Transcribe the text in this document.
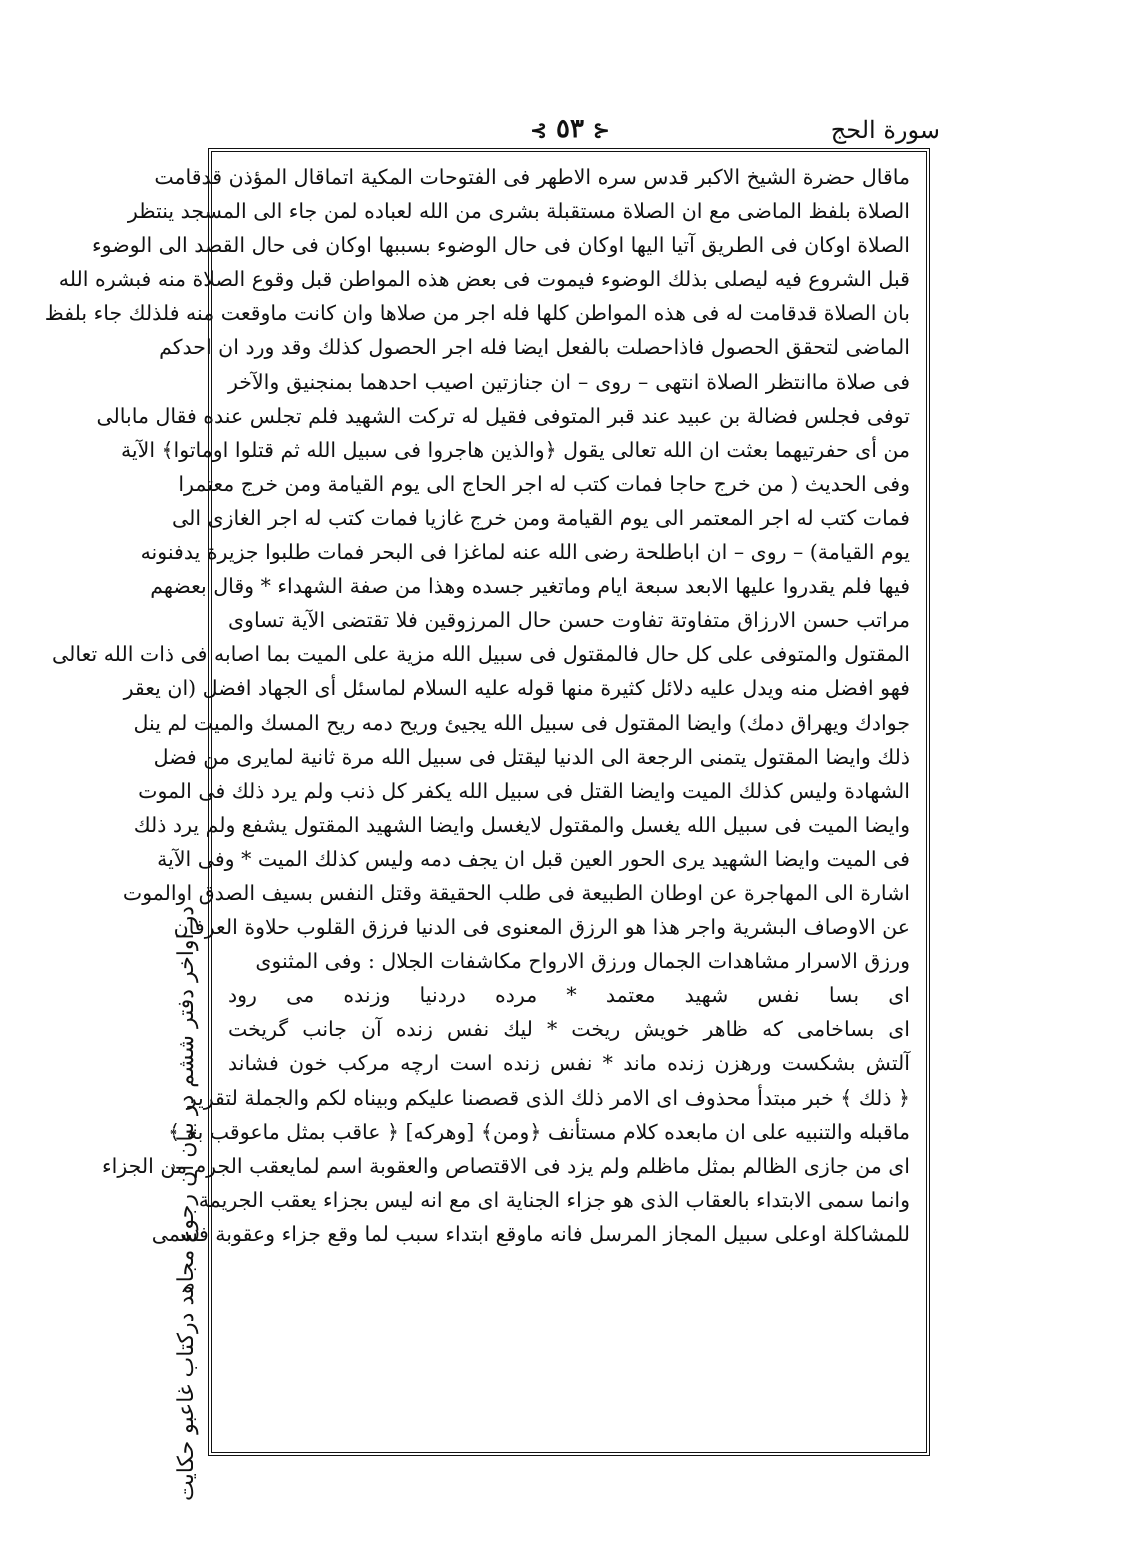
⊰ ٥٣ ⊱	سورة الحج
ماقال حضرة الشيخ الاكبر قدس سره الاطهر فى الفتوحات المكية اتماقال المؤذن قدقامت
الصلاة بلفظ الماضى مع ان الصلاة مستقبلة بشرى من الله لعباده لمن جاء الى المسجد ينتظر
الصلاة اوكان فى الطريق آتيا اليها اوكان فى حال الوضوء بسببها اوكان فى حال القصد الى الوضوء
قبل الشروع فيه ليصلى بذلك الوضوء فيموت فى بعض هذه المواطن قبل وقوع الصلاة منه فبشره الله
بان الصلاة قدقامت له فى هذه المواطن كلها فله اجر من صلاها وان كانت ماوقعت منه فلذلك جاء بلفظ
الماضى لتحقق الحصول فاذاحصلت بالفعل ايضا فله اجر الحصول كذلك وقد ورد ان احدكم
فى صلاة ماانتظر الصلاة انتهى – روى – ان جنازتين اصيب احدهما بمنجنيق والآخر
توفى فجلس فضالة بن عبيد عند قبر المتوفى فقيل له تركت الشهيد فلم تجلس عنده فقال مابالى
من أى حفرتيهما بعثت ان الله تعالى يقول ﴿والذين هاجروا فى سبيل الله ثم قتلوا اوماتوا﴾ الآية
وفى الحديث ( من خرج حاجا فمات كتب له اجر الحاج الى يوم القيامة ومن خرج معتمرا
فمات كتب له اجر المعتمر الى يوم القيامة ومن خرج غازيا فمات كتب له اجر الغازى الى
يوم القيامة) – روى – ان اباطلحة رضى الله عنه لماغزا فى البحر فمات طلبوا جزيرة يدفنونه
فيها فلم يقدروا عليها الابعد سبعة ايام وماتغير جسده وهذا من صفة الشهداء * وقال بعضهم
مراتب حسن الارزاق متفاوتة تفاوت حسن حال المرزوقين فلا تقتضى الآية تساوى
المقتول والمتوفى على كل حال فالمقتول فى سبيل الله مزية على الميت بما اصابه فى ذات الله تعالى
فهو افضل منه ويدل عليه دلائل كثيرة منها قوله عليه السلام لماسئل أى الجهاد افضل (ان يعقر
جوادك ويهراق دمك) وايضا المقتول فى سبيل الله يجيئ وريح دمه ريح المسك والميت لم ينل
ذلك وايضا المقتول يتمنى الرجعة الى الدنيا ليقتل فى سبيل الله مرة ثانية لمايرى من فضل
الشهادة وليس كذلك الميت وايضا القتل فى سبيل الله يكفر كل ذنب ولم يرد ذلك فى الموت
وايضا الميت فى سبيل الله يغسل والمقتول لايغسل وايضا الشهيد المقتول يشفع ولم يرد ذلك
فى الميت وايضا الشهيد يرى الحور العين قبل ان يجف دمه وليس كذلك الميت * وفى الآية
اشارة الى المهاجرة عن اوطان الطبيعة فى طلب الحقيقة وقتل النفس بسيف الصدق اوالموت
عن الاوصاف البشرية واجر هذا هو الرزق المعنوى فى الدنيا فرزق القلوب حلاوة العرفان
ورزق الاسرار مشاهدات الجمال ورزق الارواح مكاشفات الجلال : وفى المثنوى
اى بسا نفس شهيد معتمد * مرده دردنيا وزنده مى رود
اى بساخامى كه ظاهر خويش ريخت * ليك نفس زنده آن جانب گريخت
آلتش بشكست ورهزن زنده ماند * نفس زنده است ارچه مركب خون فشاند
﴿ ذلك ﴾ خبر مبتدأ محذوف اى الامر ذلك الذى قصصنا عليكم وبيناه لكم والجملة لتقرير
ماقبله والتنبيه على ان مابعده كلام مستأنف ﴿ومن﴾ [وهركه] ﴿ عاقب بمثل ماعوقب به ﴾
اى من جازى الظالم بمثل ماظلم ولم يزد فى الاقتصاص والعقوبة اسم لمايعقب الجرم من الجزاء
وانما سمى الابتداء بالعقاب الذى هو جزاء الجناية اى مع انه ليس بجزاء يعقب الجريمة
للمشاكلة اوعلى سبيل المجاز المرسل فانه ماوقع ابتداء سبب لما وقع جزاء وعقوبة فسمى
در اواخر دفتر ششم در بيان آن رجوع مجاهد دركتاب غاعبو حكايت
